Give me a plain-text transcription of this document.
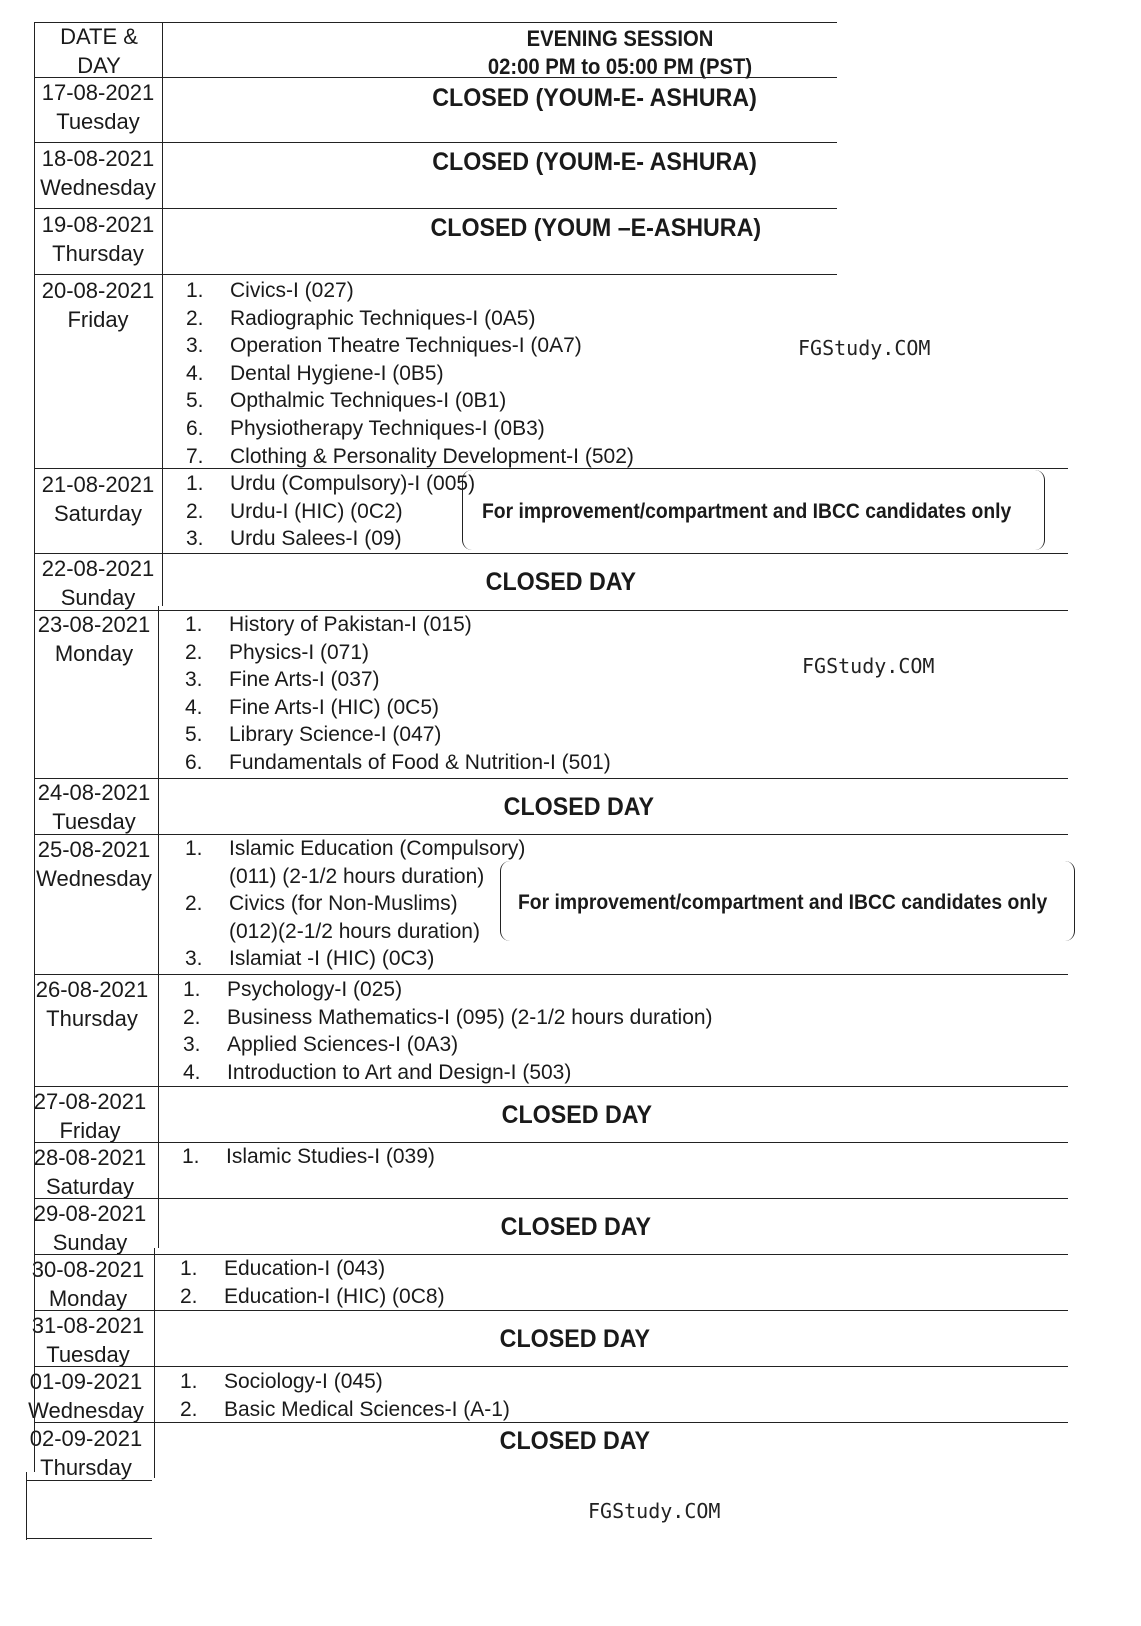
DATE &
DAY
EVENING SESSION
02:00 PM to 05:00 PM (PST)
17-08-2021
Tuesday
CLOSED (YOUM-E- ASHURA)
18-08-2021
Wednesday
CLOSED (YOUM-E- ASHURA)
19-08-2021
Thursday
CLOSED (YOUM –E-ASHURA)
20-08-2021
Friday
1. Civics-I (027)
2. Radiographic Techniques-I (0A5)
3. Operation Theatre Techniques-I (0A7)
4. Dental Hygiene-I (0B5)
5. Opthalmic Techniques-I (0B1)
6. Physiotherapy Techniques-I (0B3)
7. Clothing & Personality Development-I (502)
21-08-2021
Saturday
1. Urdu (Compulsory)-I (005)
2. Urdu-I (HIC) (0C2)
3. Urdu Salees-I (09)
For improvement/compartment and IBCC candidates only
22-08-2021
Sunday
CLOSED DAY
23-08-2021
Monday
1. History of Pakistan-I (015)
2. Physics-I (071)
3. Fine Arts-I (037)
4. Fine Arts-I (HIC) (0C5)
5. Library Science-I (047)
6. Fundamentals of Food & Nutrition-I (501)
24-08-2021
Tuesday
CLOSED DAY
25-08-2021
Wednesday
1. Islamic Education (Compulsory)
(011) (2-1/2 hours duration)
2. Civics (for Non-Muslims)
(012)(2-1/2 hours duration)
3. Islamiat -I (HIC) (0C3)
For improvement/compartment and IBCC candidates only
26-08-2021
Thursday
1. Psychology-I (025)
2. Business Mathematics-I (095) (2-1/2 hours duration)
3. Applied Sciences-I (0A3)
4. Introduction to Art and Design-I (503)
27-08-2021
Friday
CLOSED DAY
28-08-2021
Saturday
1. Islamic Studies-I (039)
29-08-2021
Sunday
CLOSED DAY
30-08-2021
Monday
1. Education-I (043)
2. Education-I (HIC) (0C8)
31-08-2021
Tuesday
CLOSED DAY
01-09-2021
Wednesday
1. Sociology-I (045)
2. Basic Medical Sciences-I (A-1)
02-09-2021
Thursday
CLOSED DAY
FGStudy.COM
FGStudy.COM
FGStudy.COM
